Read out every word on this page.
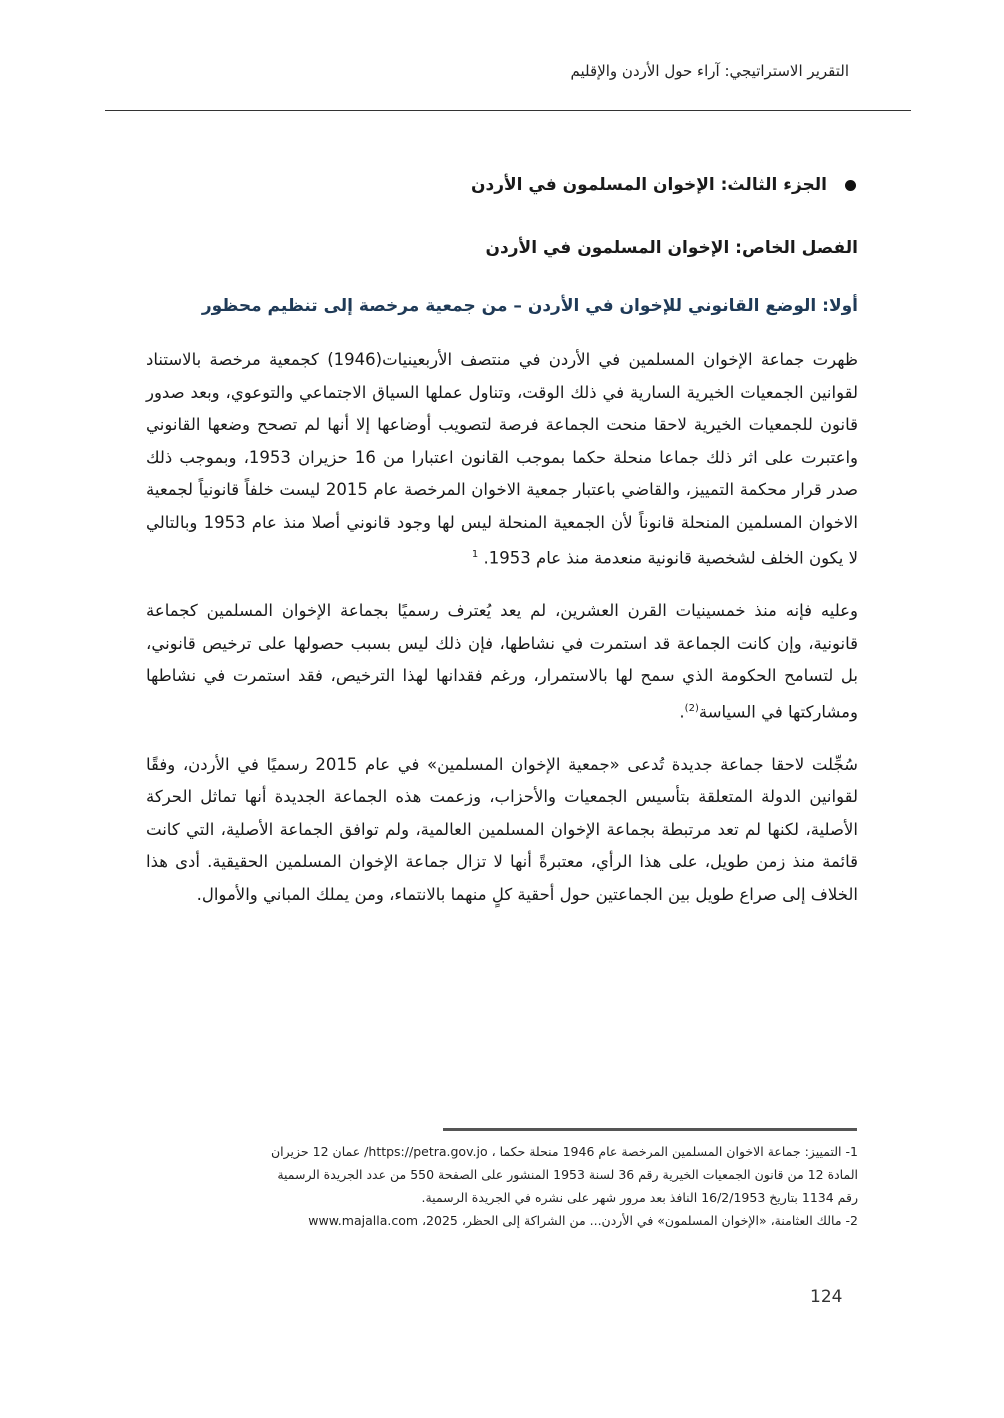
التقرير الاستراتيجي: آراء حول الأردن والإقليم
الجزء الثالث: الإخوان المسلمون في الأردن
الفصل الخاص: الإخوان المسلمون في الأردن
أولا: الوضع القانوني للإخوان في الأردن – من جمعية مرخصة إلى تنظيم محظور

ظهرت جماعة الإخوان المسلمين في الأردن في منتصف الأربعينيات(1946) كجمعية مرخصة بالاستناد لقوانين الجمعيات الخيرية السارية في ذلك الوقت، وتناول عملها السياق الاجتماعي والتوعوي، وبعد صدور قانون للجمعيات الخيرية لاحقا منحت الجماعة فرصة لتصويب أوضاعها إلا أنها لم تصحح وضعها القانوني واعتبرت على اثر ذلك جماعا منحلة حكما بموجب القانون اعتبارا من 16 حزيران 1953، وبموجب ذلك صدر قرار محكمة التمييز، والقاضي باعتبار جمعية الاخوان المرخصة عام 2015 ليست خلفاً قانونياً لجمعية الاخوان المسلمين المنحلة قانوناً لأن الجمعية المنحلة ليس لها وجود قانوني أصلا منذ عام 1953 وبالتالي لا يكون الخلف لشخصية قانونية منعدمة منذ عام 1953. $^1$

وعليه فإنه منذ خمسينيات القرن العشرين، لم يعد يُعترف رسميًا بجماعة الإخوان المسلمين كجماعة قانونية، وإن كانت الجماعة قد استمرت في نشاطها، فإن ذلك ليس بسبب حصولها على ترخيص قانوني، بل لتسامح الحكومة الذي سمح لها بالاستمرار، ورغم فقدانها لهذا الترخيص، فقد استمرت في نشاطها ومشاركتها في السياسة$^{(2)}$.

سُجِّلت لاحقا جماعة جديدة تُدعى «جمعية الإخوان المسلمين» في عام 2015 رسميًا في الأردن، وفقًا لقوانين الدولة المتعلقة بتأسيس الجمعيات والأحزاب، وزعمت هذه الجماعة الجديدة أنها تماثل الحركة الأصلية، لكنها لم تعد مرتبطة بجماعة الإخوان المسلمين العالمية، ولم توافق الجماعة الأصلية، التي كانت قائمة منذ زمن طويل، على هذا الرأي، معتبرةً أنها لا تزال جماعة الإخوان المسلمين الحقيقية. أدى هذا الخلاف إلى صراع طويل بين الجماعتين حول أحقية كلٍ منهما بالانتماء، ومن يملك المباني والأموال.

1- التمييز: جماعة الاخوان المسلمين المرخصة عام 1946 منحلة حكما ، https://petra.gov.jo/ عمان 12 حزيران
المادة 12 من قانون الجمعيات الخيرية رقم 36 لسنة 1953 المنشور على الصفحة 550 من عدد الجريدة الرسمية
رقم 1134 بتاريخ 16/2/1953 النافذ بعد مرور شهر على نشره في الجريدة الرسمية.

2- مالك العثامنة، «الإخوان المسلمون» في الأردن... من الشراكة إلى الحظر، 2025، www.majalla.com

124
